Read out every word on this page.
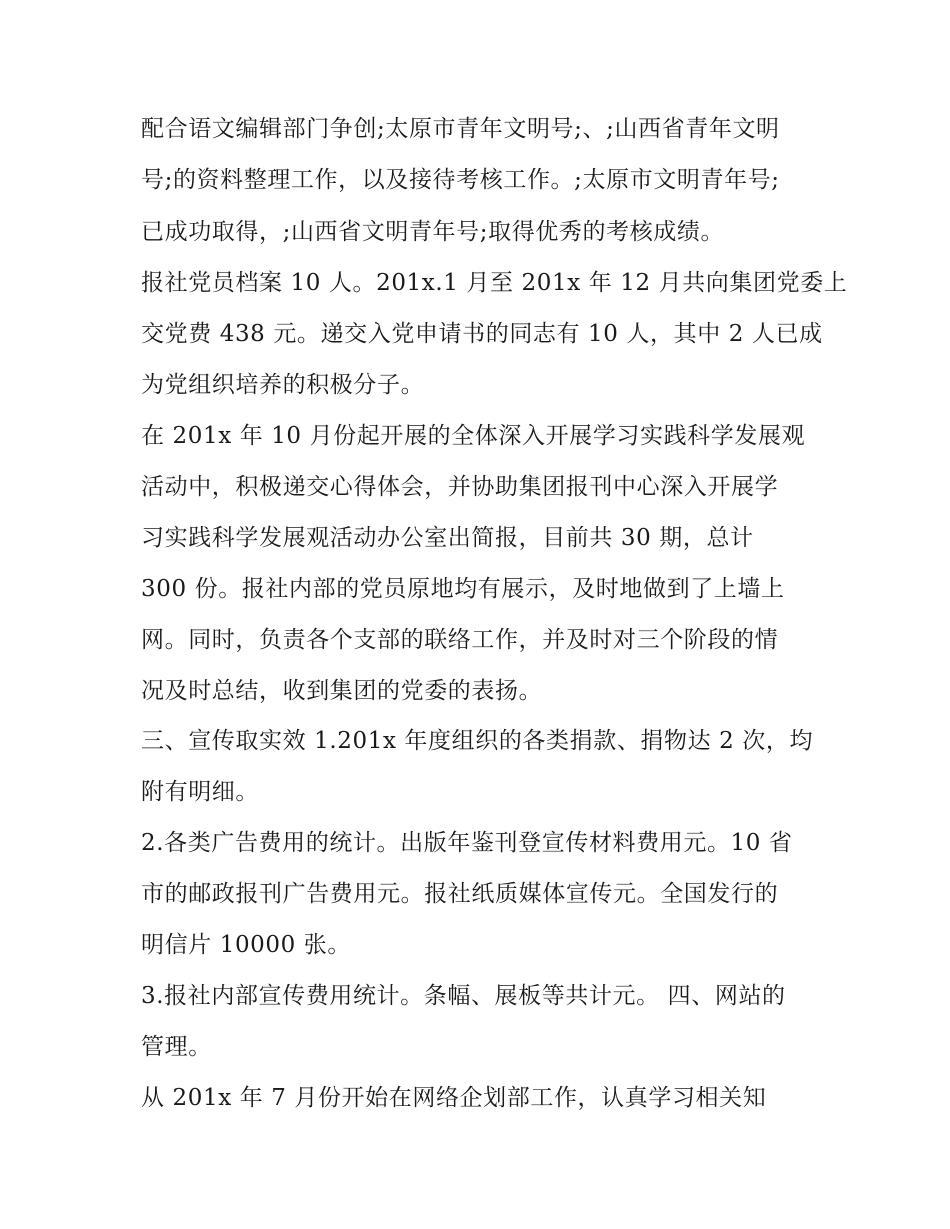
配合语文编辑部门争创;太原市青年文明号;、;山西省青年文明
号;的资料整理工作，以及接待考核工作。;太原市文明青年号;
已成功取得，;山西省文明青年号;取得优秀的考核成绩。
报社党员档案 10 人。201x.1 月至 201x 年 12 月共向集团党委上
交党费 438 元。递交入党申请书的同志有 10 人，其中 2 人已成
为党组织培养的积极分子。
在 201x 年 10 月份起开展的全体深入开展学习实践科学发展观
活动中，积极递交心得体会，并协助集团报刊中心深入开展学
习实践科学发展观活动办公室出简报，目前共 30 期，总计
300 份。报社内部的党员原地均有展示，及时地做到了上墙上
网。同时，负责各个支部的联络工作，并及时对三个阶段的情
况及时总结，收到集团的党委的表扬。
三、宣传取实效 1.201x 年度组织的各类捐款、捐物达 2 次，均
附有明细。
2.各类广告费用的统计。出版年鉴刊登宣传材料费用元。10 省
市的邮政报刊广告费用元。报社纸质媒体宣传元。全国发行的
明信片 10000 张。
3.报社内部宣传费用统计。条幅、展板等共计元。 四、网站的
管理。
从 201x 年 7 月份开始在网络企划部工作，认真学习相关知
